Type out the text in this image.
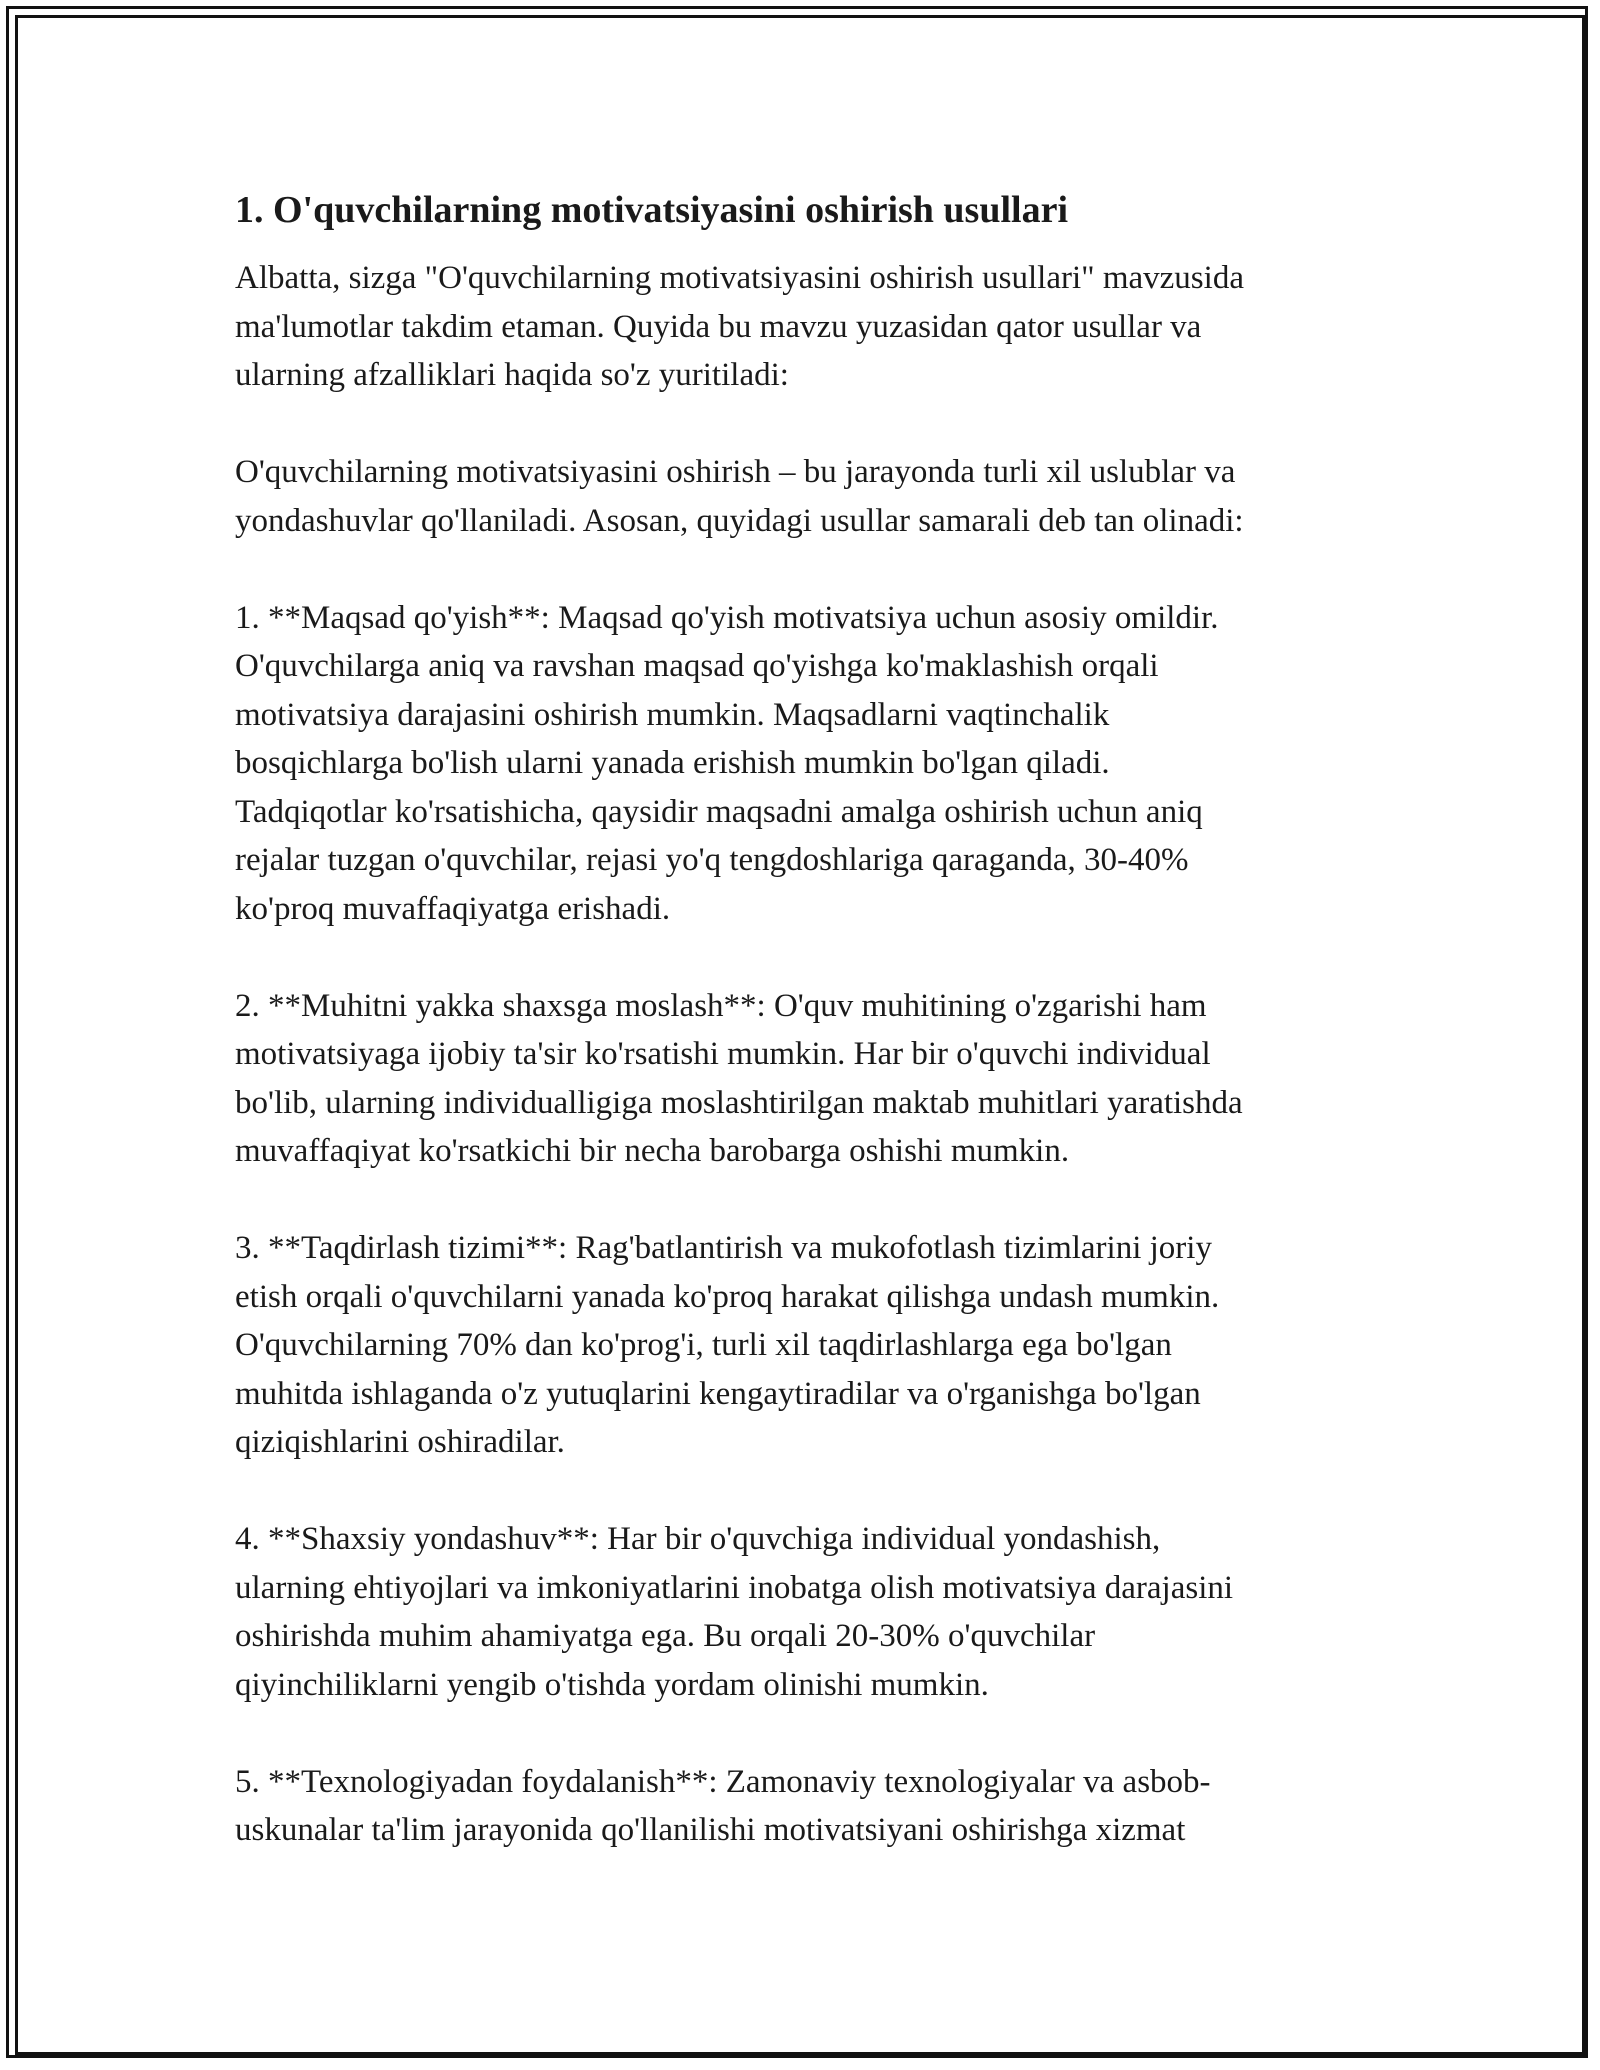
1. O'quvchilarning motivatsiyasini oshirish usullari

Albatta, sizga "O'quvchilarning motivatsiyasini oshirish usullari" mavzusida
ma'lumotlar takdim etaman. Quyida bu mavzu yuzasidan qator usullar va
ularning afzalliklari haqida so'z yuritiladi:

O'quvchilarning motivatsiyasini oshirish – bu jarayonda turli xil uslublar va
yondashuvlar qo'llaniladi. Asosan, quyidagi usullar samarali deb tan olinadi:

1. **Maqsad qo'yish**: Maqsad qo'yish motivatsiya uchun asosiy omildir.
O'quvchilarga aniq va ravshan maqsad qo'yishga ko'maklashish orqali
motivatsiya darajasini oshirish mumkin. Maqsadlarni vaqtinchalik
bosqichlarga bo'lish ularni yanada erishish mumkin bo'lgan qiladi.
Tadqiqotlar ko'rsatishicha, qaysidir maqsadni amalga oshirish uchun aniq
rejalar tuzgan o'quvchilar, rejasi yo'q tengdoshlariga qaraganda, 30-40%
ko'proq muvaffaqiyatga erishadi.

2. **Muhitni yakka shaxsga moslash**: O'quv muhitining o'zgarishi ham
motivatsiyaga ijobiy ta'sir ko'rsatishi mumkin. Har bir o'quvchi individual
bo'lib, ularning individualligiga moslashtirilgan maktab muhitlari yaratishda
muvaffaqiyat ko'rsatkichi bir necha barobarga oshishi mumkin.

3. **Taqdirlash tizimi**: Rag'batlantirish va mukofotlash tizimlarini joriy
etish orqali o'quvchilarni yanada ko'proq harakat qilishga undash mumkin.
O'quvchilarning 70% dan ko'prog'i, turli xil taqdirlashlarga ega bo'lgan
muhitda ishlaganda o'z yutuqlarini kengaytiradilar va o'rganishga bo'lgan
qiziqishlarini oshiradilar.

4. **Shaxsiy yondashuv**: Har bir o'quvchiga individual yondashish,
ularning ehtiyojlari va imkoniyatlarini inobatga olish motivatsiya darajasini
oshirishda muhim ahamiyatga ega. Bu orqali 20-30% o'quvchilar
qiyinchiliklarni yengib o'tishda yordam olinishi mumkin.

5. **Texnologiyadan foydalanish**: Zamonaviy texnologiyalar va asbob-
uskunalar ta'lim jarayonida qo'llanilishi motivatsiyani oshirishga xizmat
